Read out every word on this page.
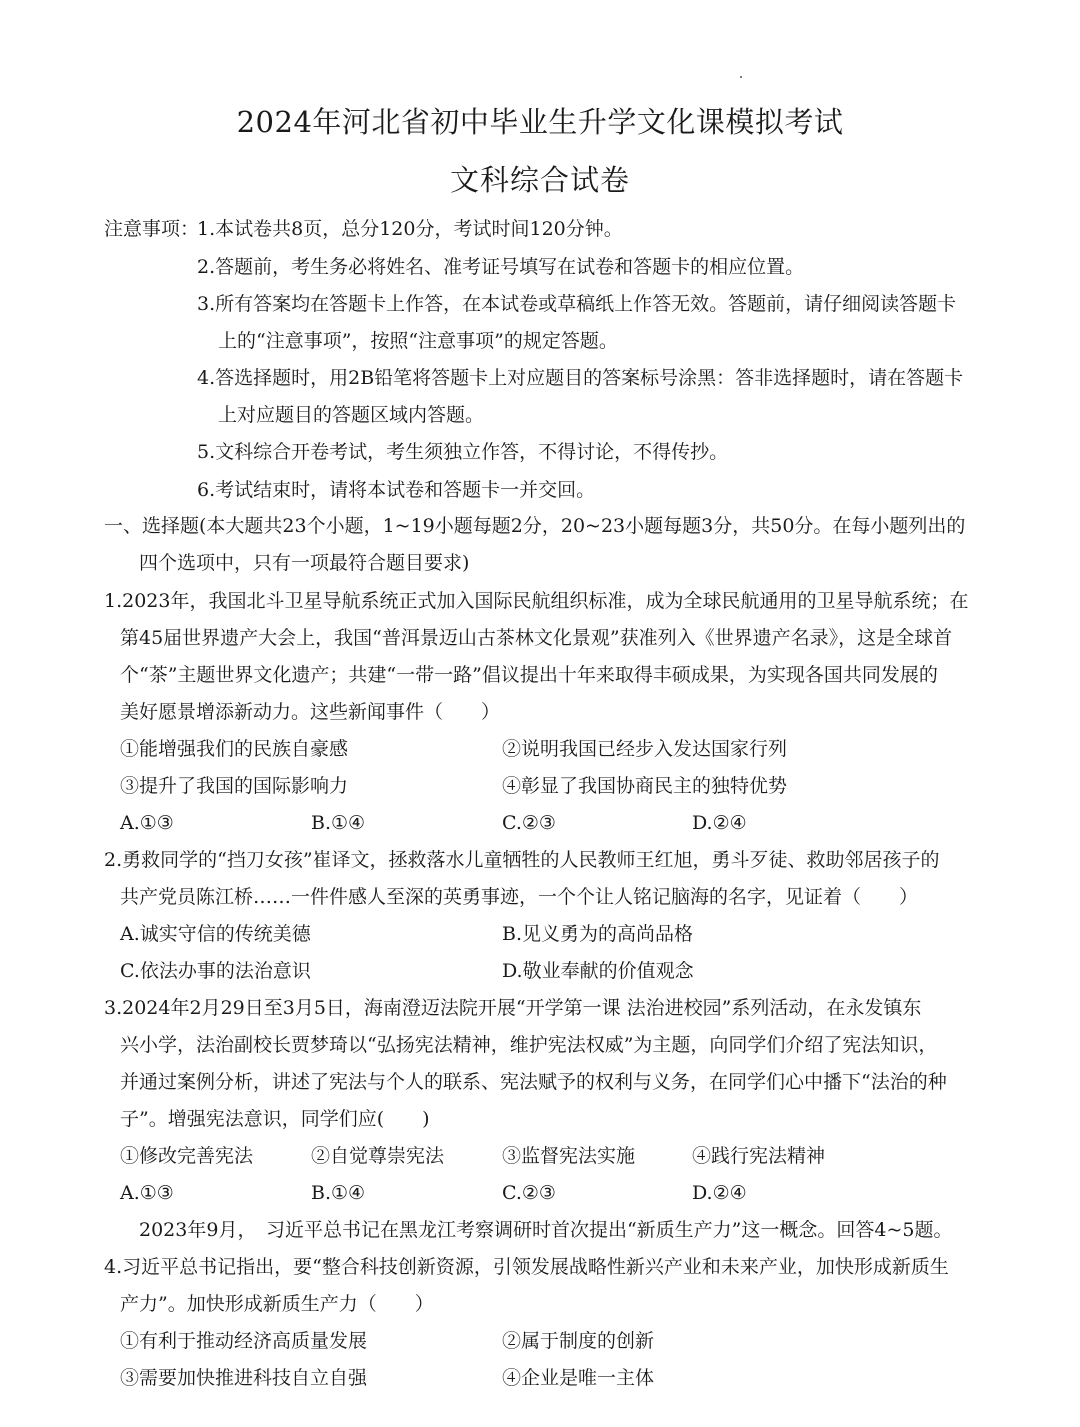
2024年河北省初中毕业生升学文化课模拟考试
文科综合试卷
注意事项：
1.本试卷共8页，总分120分，考试时间120分钟。
2.答题前，考生务必将姓名、准考证号填写在试卷和答题卡的相应位置。
3.所有答案均在答题卡上作答，在本试卷或草稿纸上作答无效。答题前，请仔细阅读答题卡
上的“注意事项”，按照“注意事项”的规定答题。
4.答选择题时，用2B铅笔将答题卡上对应题目的答案标号涂黑：答非选择题时，请在答题卡
上对应题目的答题区域内答题。
5.文科综合开卷考试，考生须独立作答，不得讨论，不得传抄。
6.考试结束时，请将本试卷和答题卡一并交回。
一、选择题(本大题共23个小题，1~19小题每题2分，20~23小题每题3分，共50分。在每小题列出的
四个选项中，只有一项最符合题目要求)
1.2023年，我国北斗卫星导航系统正式加入国际民航组织标准，成为全球民航通用的卫星导航系统；在
第45届世界遗产大会上，我国“普洱景迈山古茶林文化景观”获准列入《世界遗产名录》，这是全球首
个“茶”主题世界文化遗产；共建“一带一路”倡议提出十年来取得丰硕成果，为实现各国共同发展的
美好愿景增添新动力。这些新闻事件（　　）
①能增强我们的民族自豪感	②说明我国已经步入发达国家行列
③提升了我国的国际影响力	④彰显了我国协商民主的独特优势
A.①③	B.①④	C.②③	D.②④
2.勇救同学的“挡刀女孩”崔译文，拯救落水儿童牺牲的人民教师王红旭，勇斗歹徒、救助邻居孩子的
共产党员陈江桥……一件件感人至深的英勇事迹，一个个让人铭记脑海的名字，见证着（　　）
A.诚实守信的传统美德	B.见义勇为的高尚品格
C.依法办事的法治意识	D.敬业奉献的价值观念
3.2024年2月29日至3月5日，海南澄迈法院开展“开学第一课 法治进校园”系列活动，在永发镇东
兴小学，法治副校长贾梦琦以“弘扬宪法精神，维护宪法权威”为主题，向同学们介绍了宪法知识，
并通过案例分析，讲述了宪法与个人的联系、宪法赋予的权利与义务，在同学们心中播下“法治的种
子”。增强宪法意识，同学们应(　　)
①修改完善宪法	②自觉尊崇宪法	③监督宪法实施	④践行宪法精神
A.①③	B.①④	C.②③	D.②④
2023年9月，　习近平总书记在黑龙江考察调研时首次提出“新质生产力”这一概念。回答4~5题。
4.习近平总书记指出，要“整合科技创新资源，引领发展战略性新兴产业和未来产业，加快形成新质生
产力”。加快形成新质生产力（　　）
①有利于推动经济高质量发展	②属于制度的创新
③需要加快推进科技自立自强	④企业是唯一主体
